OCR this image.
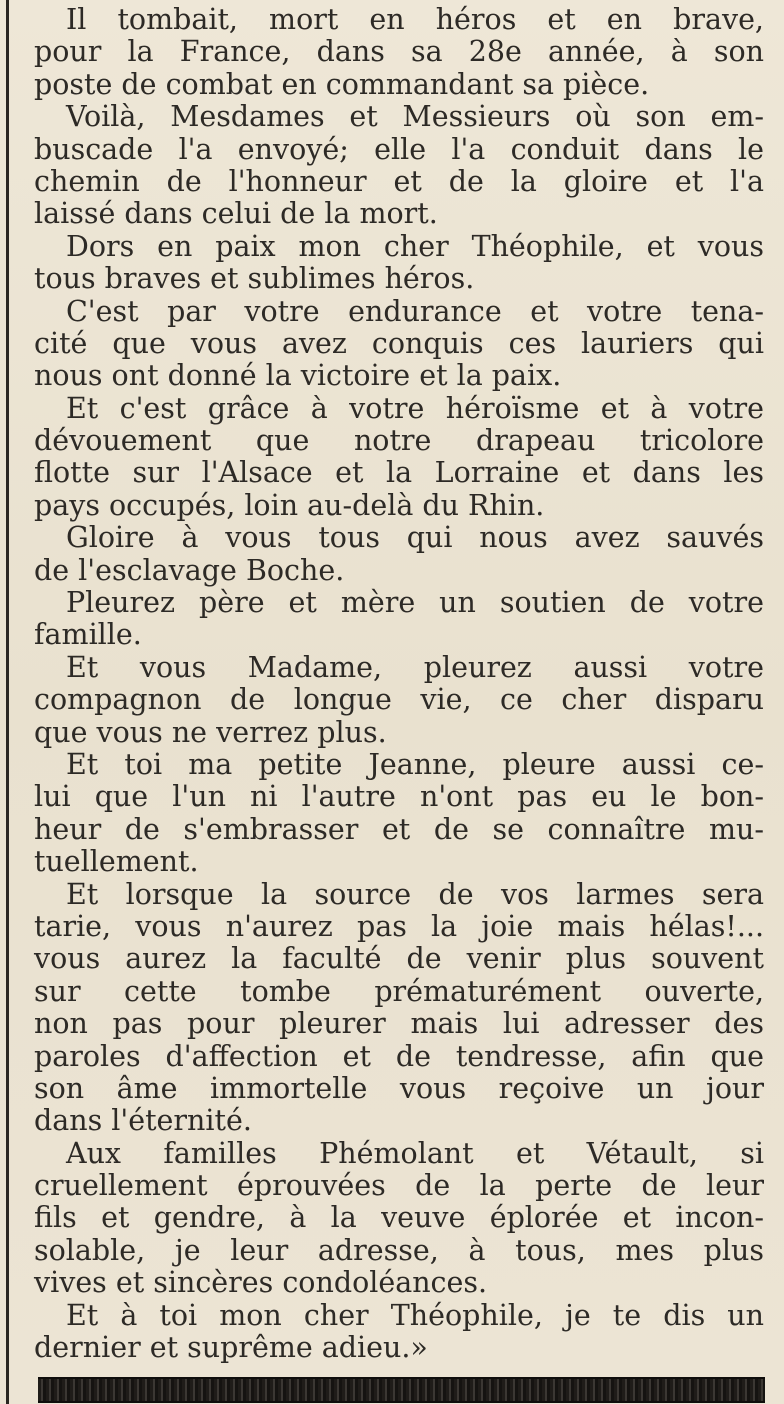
Il tombait, mort en héros et en brave,
pour la France, dans sa 28e année, à son
poste de combat en commandant sa pièce.
Voilà, Mesdames et Messieurs où son em-
buscade l'a envoyé; elle l'a conduit dans le
chemin de l'honneur et de la gloire et l'a
laissé dans celui de la mort.
Dors en paix mon cher Théophile, et vous
tous braves et sublimes héros.
C'est par votre endurance et votre tena-
cité que vous avez conquis ces lauriers qui
nous ont donné la victoire et la paix.
Et c'est grâce à votre héroïsme et à votre
dévouement que notre drapeau tricolore
flotte sur l'Alsace et la Lorraine et dans les
pays occupés, loin au-delà du Rhin.
Gloire à vous tous qui nous avez sauvés
de l'esclavage Boche.
Pleurez père et mère un soutien de votre
famille.
Et vous Madame, pleurez aussi votre
compagnon de longue vie, ce cher disparu
que vous ne verrez plus.
Et toi ma petite Jeanne, pleure aussi ce-
lui que l'un ni l'autre n'ont pas eu le bon-
heur de s'embrasser et de se connaître mu-
tuellement.
Et lorsque la source de vos larmes sera
tarie, vous n'aurez pas la joie mais hélas!...
vous aurez la faculté de venir plus souvent
sur cette tombe prématurément ouverte,
non pas pour pleurer mais lui adresser des
paroles d'affection et de tendresse, afin que
son âme immortelle vous reçoive un jour
dans l'éternité.
Aux familles Phémolant et Vétault, si
cruellement éprouvées de la perte de leur
fils et gendre, à la veuve éplorée et incon-
solable, je leur adresse, à tous, mes plus
vives et sincères condoléances.
Et à toi mon cher Théophile, je te dis un
dernier et suprême adieu.»
